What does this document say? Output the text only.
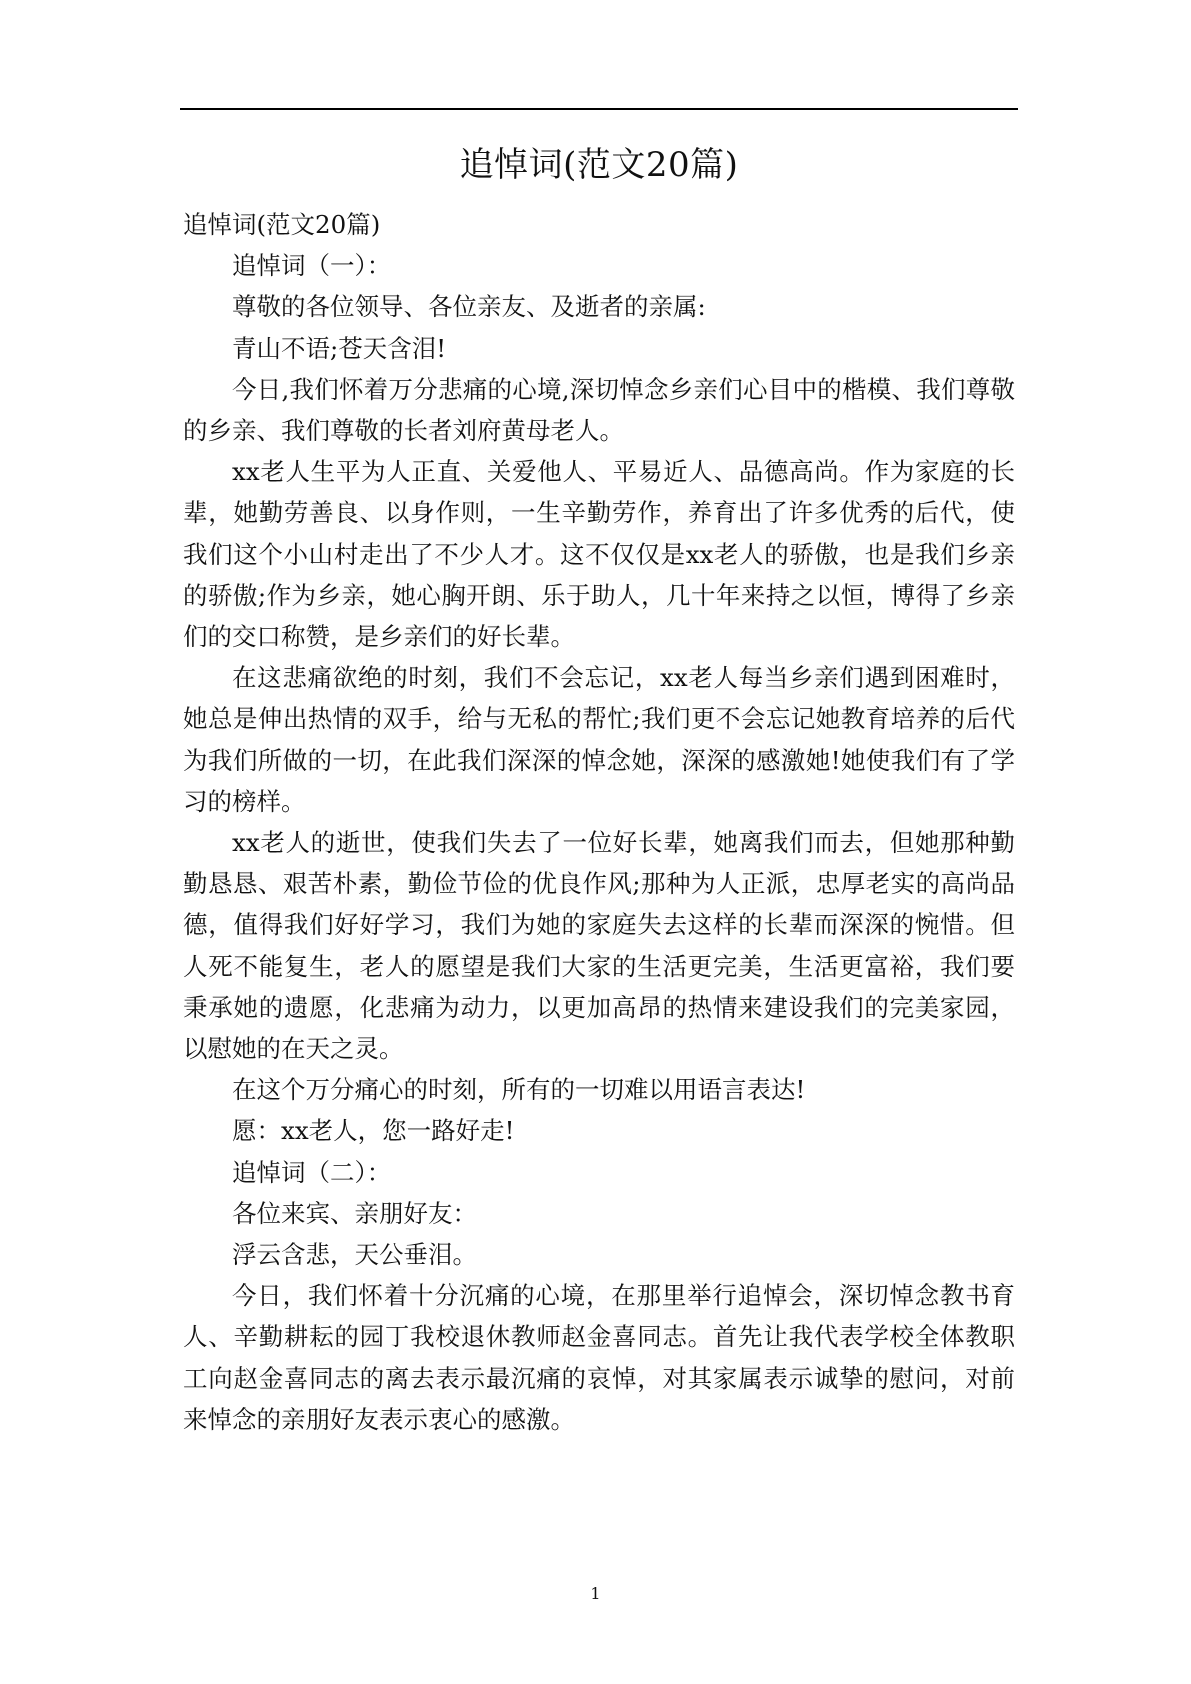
追悼词(范文20篇)

追悼词(范文20篇)

追悼词（一）：

尊敬的各位领导、各位亲友、及逝者的亲属:

青山不语;苍天含泪!

今日,我们怀着万分悲痛的心境,深切悼念乡亲们心目中的楷模、我们尊敬的乡亲、我们尊敬的长者刘府黄母老人。

xx老人生平为人正直、关爱他人、平易近人、品德高尚。作为家庭的长辈，她勤劳善良、以身作则，一生辛勤劳作，养育出了许多优秀的后代，使我们这个小山村走出了不少人才。这不仅仅是xx老人的骄傲，也是我们乡亲的骄傲;作为乡亲，她心胸开朗、乐于助人，几十年来持之以恒，博得了乡亲们的交口称赞，是乡亲们的好长辈。

在这悲痛欲绝的时刻，我们不会忘记，xx老人每当乡亲们遇到困难时，她总是伸出热情的双手，给与无私的帮忙;我们更不会忘记她教育培养的后代为我们所做的一切，在此我们深深的悼念她，深深的感激她!她使我们有了学习的榜样。

xx老人的逝世，使我们失去了一位好长辈，她离我们而去，但她那种勤勤恳恳、艰苦朴素，勤俭节俭的优良作风;那种为人正派，忠厚老实的高尚品德，值得我们好好学习，我们为她的家庭失去这样的长辈而深深的惋惜。但人死不能复生，老人的愿望是我们大家的生活更完美，生活更富裕，我们要秉承她的遗愿，化悲痛为动力，以更加高昂的热情来建设我们的完美家园，以慰她的在天之灵。

在这个万分痛心的时刻，所有的一切难以用语言表达!

愿：xx老人，您一路好走!

追悼词（二）：

各位来宾、亲朋好友：

浮云含悲，天公垂泪。

今日，我们怀着十分沉痛的心境，在那里举行追悼会，深切悼念教书育人、辛勤耕耘的园丁我校退休教师赵金喜同志。首先让我代表学校全体教职工向赵金喜同志的离去表示最沉痛的哀悼，对其家属表示诚挚的慰问，对前来悼念的亲朋好友表示衷心的感激。

1
